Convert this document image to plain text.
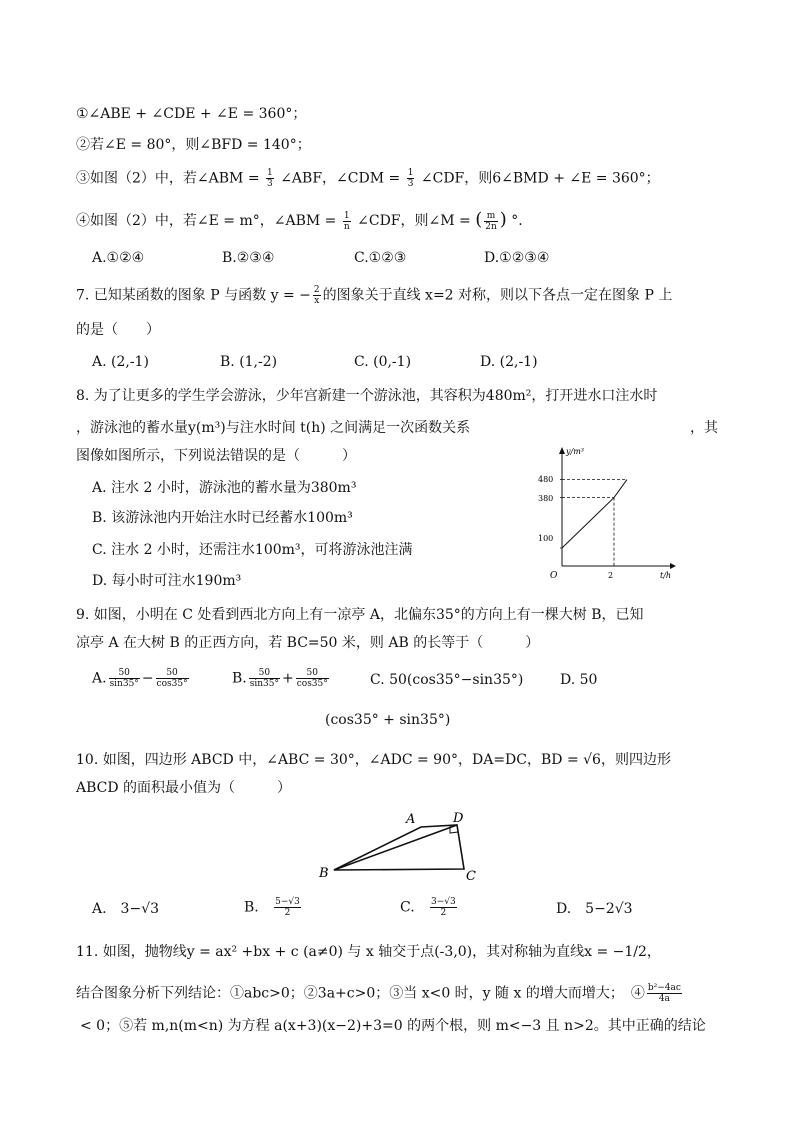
①∠ABE + ∠CDE + ∠E = 360°；
②若∠E = 80°，则∠BFD = 140°；
③如图（2）中，若∠ABM = $\frac{1}{3}$ ∠ABF，∠CDM = $\frac{1}{3}$ ∠CDF，则6∠BMD + ∠E = 360°；
④如图（2）中，若∠E = m°，∠ABM = $\frac{1}{n}$ ∠CDF，则∠M = ( $\frac{m}{2n}$ ) °.
A.①②④	B.②③④	C.①②③	D.①②③④
7. 已知某函数的图象 P 与函数 y = − $\frac{2}{x}$ 的图象关于直线 x=2 对称，则以下各点一定在图象 P 上
的是（　　）
A. (2,-1)	B. (1,-2)	C. (0,-1)	D. (2,-1)
8. 为了让更多的学生学会游泳，少年宫新建一个游泳池，其容积为480m²，打开进水口注水时
，游泳池的蓄水量y(m³)与注水时间 t(h) 之间满足一次函数关系	，其
图像如图所示，下列说法错误的是（　　　）
A. 注水 2 小时，游泳池的蓄水量为380m³
B. 该游泳池内开始注水时已经蓄水100m³
C. 注水 2 小时，还需注水100m³，可将游泳池注满
D. 每小时可注水190m³
y/m³
t/h
O
100
380
480
2
9. 如图，小明在 C 处看到西北方向上有一凉亭 A，北偏东35°的方向上有一棵大树 B，已知
凉亭 A 在大树 B 的正西方向，若 BC=50 米，则 AB 的长等于（　　　）
A. $\frac{50}{\sin 35^\circ} - \frac{50}{\cos 35^\circ}$	B. $\frac{50}{\sin 35^\circ} + \frac{50}{\cos 35^\circ}$	C. 50(cos35°−sin35°)	D. 50
(cos35° + sin35°)
10. 如图，四边形 ABCD 中，∠ABC = 30°，∠ADC = 90°，DA=DC，BD = √6，则四边形
ABCD 的面积最小值为（　　　）
A	D
B	C
A.　3−√3	B. $\frac{5-√3}{2}$	C. $\frac{3-√3}{2}$	D.　5−2√3
11. 如图，抛物线y = ax² +bx + c (a≠0) 与 x 轴交于点(-3,0)，其对称轴为直线x = −1/2，
结合图象分析下列结论：①abc>0；②3a+c>0；③当 x<0 时，y 随 x 的增大而增大；　④ $\frac{\text{b²−4ac}}{4a}$
< 0；⑤若 m,n(m<n) 为方程 a(x+3)(x−2)+3=0 的两个根，则 m<−3 且 n>2。其中正确的结论
